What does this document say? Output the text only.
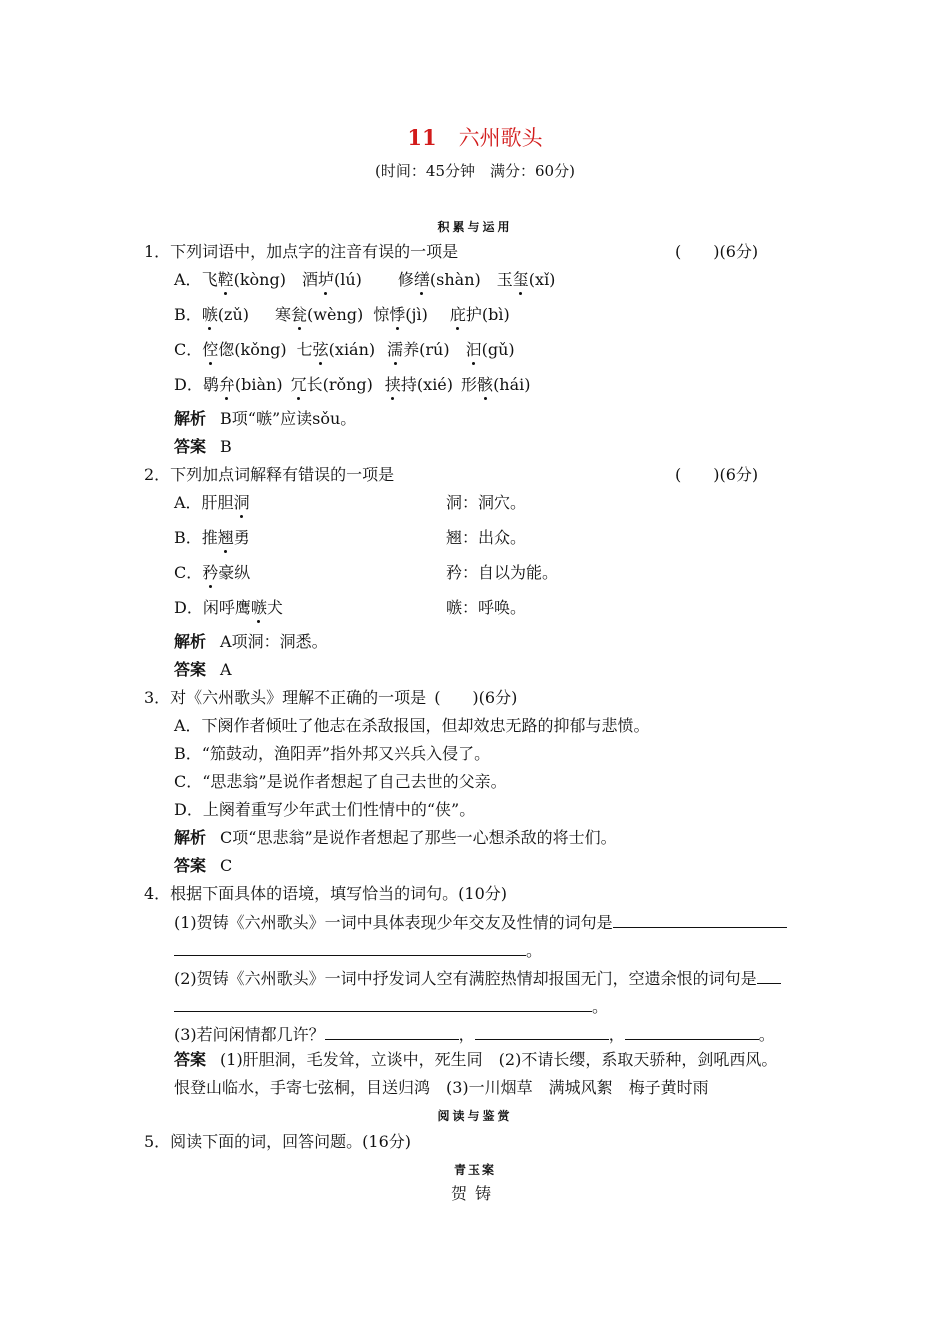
11 六州歌头
(时间：45分钟　满分：60分)
积累与运用
1．下列词语中，加点字的注音有误的一项是	(　　)(6分)
A．飞鞚(kòng) 酒垆(lú) 修缮(shàn) 玉玺(xǐ)
B．嗾(zǔ) 寒瓮(wèng) 惊悸(jì) 庇护(bì)
C．倥偬(kǒng) 七弦(xián) 濡养(rú) 汩(gǔ)
D．鹖弁(biàn) 冗长(rǒng) 挟持(xié) 形骸(hái)
解析 B项“嗾”应读sǒu。
答案 B
2．下列加点词解释有错误的一项是	(　　)(6分)
A．肝胆洞	洞：洞穴。
B．推翘勇	翘：出众。
C．矜豪纵	矜：自以为能。
D．闲呼鹰嗾犬	嗾：呼唤。
解析 A项洞：洞悉。
答案 A
3．对《六州歌头》理解不正确的一项是 (　　)(6分)
A．下阕作者倾吐了他志在杀敌报国，但却效忠无路的抑郁与悲愤。
B．“笳鼓动，渔阳弄”指外邦又兴兵入侵了。
C．“思悲翁”是说作者想起了自己去世的父亲。
D．上阕着重写少年武士们性情中的“侠”。
解析 C项“思悲翁”是说作者想起了那些一心想杀敌的将士们。
答案 C
4．根据下面具体的语境，填写恰当的词句。(10分)
(1)贺铸《六州歌头》一词中具体表现少年交友及性情的词句是
。
(2)贺铸《六州歌头》一词中抒发词人空有满腔热情却报国无门，空遗余恨的词句是
。
(3)若问闲情都几许？	，	，	。
答案 (1)肝胆洞，毛发耸，立谈中，死生同　(2)不请长缨，系取天骄种，剑吼西风。
恨登山临水，手寄七弦桐，目送归鸿　(3)一川烟草　满城风絮　梅子黄时雨
阅读与鉴赏
5．阅读下面的词，回答问题。(16分)
青玉案
贺铸
